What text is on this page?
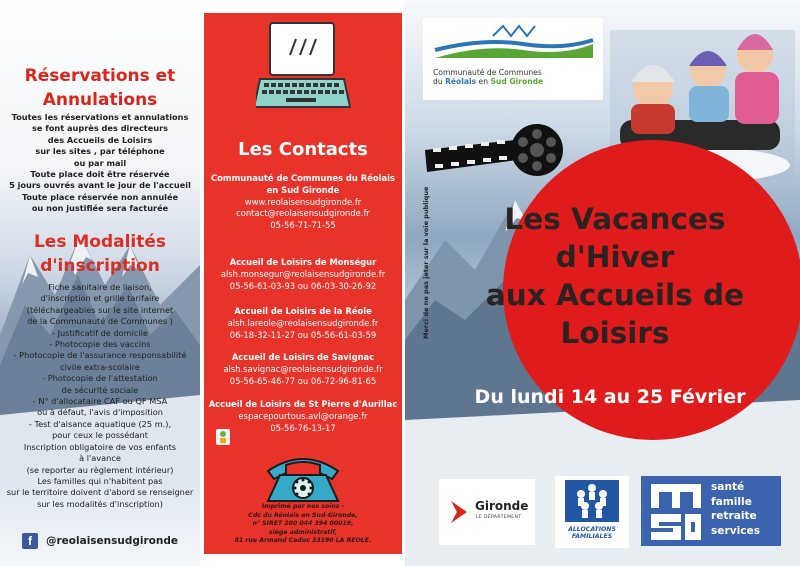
Réservations et
Annulations
Toutes les réservations et annulations
se font auprès des directeurs
des Accueils de Loisirs
sur les sites , par téléphone
ou par mail
Toute place doit être réservée
5 jours ouvrés avant le jour de l'accueil
Toute place réservée non annulée
ou non justifiée sera facturée
Les Modalités
d'inscription
Fiche sanitaire de liaison,
d'inscription et grille tarifaire
(téléchargeables sur le site internet
de la Communauté de Communes )
- Justificatif de domicile
- Photocopie des vaccins
- Photocopie de l'assurance responsabilité
civile extra-scolaire
- Photocopie de l'attestation
de sécurité sociale
- N° d'allocataire CAF ou QF MSA
ou à défaut, l'avis d'imposition
- Test d'aisance aquatique (25 m.),
pour ceux le possédant
Inscription obligatoire de vos enfants
à l'avance
(se reporter au règlement intérieur)
Les familles qui n'habitent pas
sur le territoire doivent d'abord se renseigner
sur les modalités d'inscription)
f	@reolaisensudgironde
Les Contacts
Communauté de Communes du Réolais
en Sud Gironde
www.reolaisensudgironde.fr
contact@reolaisensudgironde.fr
05-56-71-71-55
Accueil de Loisirs de Monségur
alsh.monsegur@reolaisensudgironde.fr
05-56-61-03-93 ou 06-03-30-26-92
Accueil de Loisirs de la Réole
alsh.lareole@reolaisensudgironde.fr
06-18-32-11-27 ou 05-56-61-03-59
Accueil de Loisirs de Savignac
alsh.savignac@reolaisensudgironde.fr
05-56-65-46-77 ou 06-72-96-81-65
Accueil de Loisirs de St Pierre d'Aurillac
espacepourtous.avl@orange.fr
05-56-76-13-17
Imprimé par nos soins -
Cdc du Réolais en Sud-Gironde,
n° SIRET 200 044 394 00019,
siège administratif,
81 rue Armand Caduc 33190 LA REOLE.
Communauté de Communes
du Réolais en Sud Gironde
Merci de ne pas jeter sur la voie publique	Les Vacances
d'Hiver
aux Accueils de
Loisirs
Du lundi 14 au 25 Février
Gironde
LE DÉPARTEMENT
ALLOCATIONS
FAMILIALES
santé
famille
retraite
services
